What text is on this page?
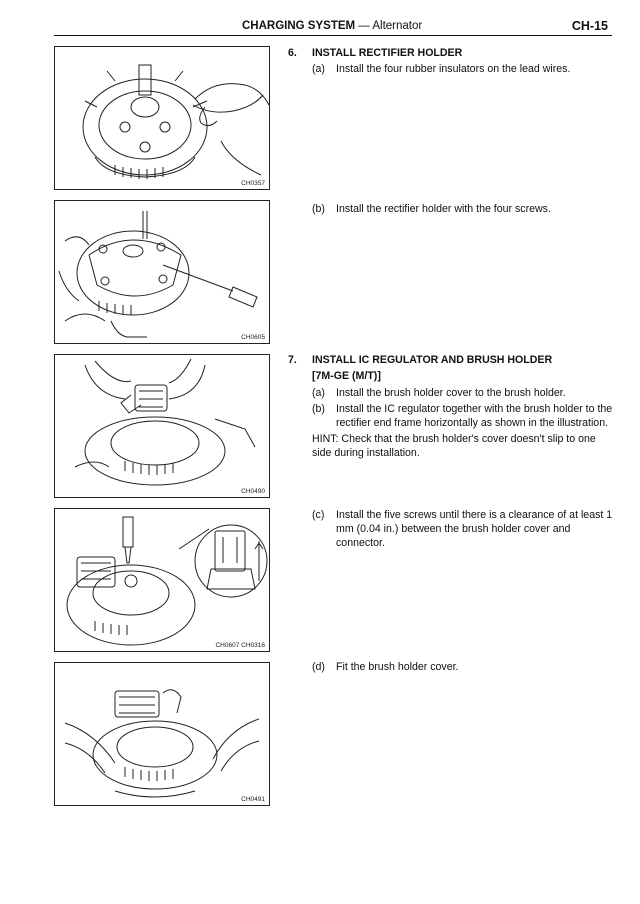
CHARGING SYSTEM — Alternator	CH-15
CH0357
CH0605
CH0490
CH0607 CH0316
CH0491
6. INSTALL RECTIFIER HOLDER
(a)	Install the four rubber insulators on the lead wires.
(b)	Install the rectifier holder with the four screws.
7. INSTALL IC REGULATOR AND BRUSH HOLDER
[7M-GE (M/T)]
(a)	Install the brush holder cover to the brush holder.
(b)	Install the IC regulator together with the brush holder to the rectifier end frame horizontally as shown in the illustration.
HINT: Check that the brush holder's cover doesn't slip to one side during installation.
(c)	Install the five screws until there is a clearance of at least 1 mm (0.04 in.) between the brush holder cover and connector.
(d)	Fit the brush holder cover.
